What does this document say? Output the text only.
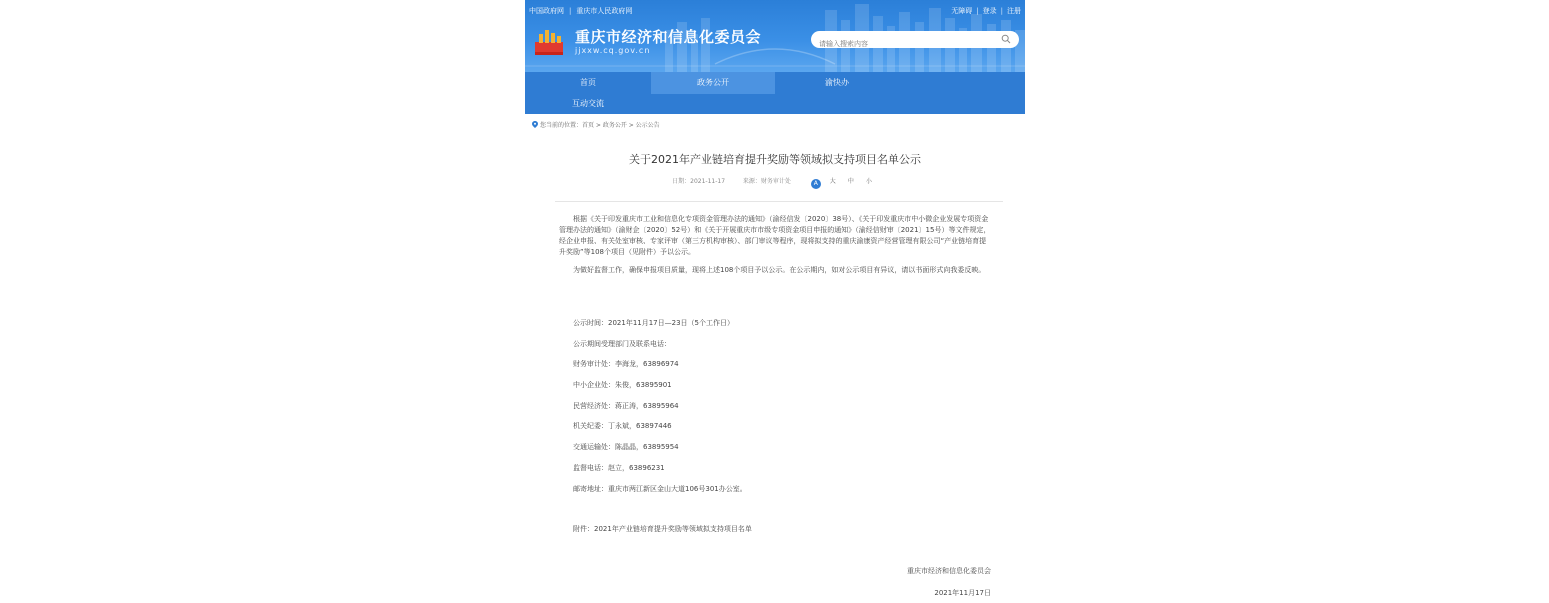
中国政府网 | 重庆市人民政府网	无障碍 | 登录 | 注册
重庆市经济和信息化委员会
jjxxw.cq.gov.cn
请输入搜索内容
首页	政务公开	渝快办
互动交流
您当前的位置：首页 > 政务公开 > 公示公告
关于2021年产业链培育提升奖励等领域拟支持项目名单公示
日期：2021-11-17	来源：财务审计处	A 大 中 小

根据《关于印发重庆市工业和信息化专项资金管理办法的通知》（渝经信发〔2020〕38号）、《关于印发重庆市中小微企业发展专项资金管理办法的通知》（渝财企〔2020〕52号）和《关于开展重庆市市级专项资金项目申报的通知》（渝经信财审〔2021〕15号）等文件规定，经企业申报、有关处室审核、专家评审（第三方机构审核）、部门审议等程序，现将拟支持的重庆渝康资产经营管理有限公司“产业链培育提升奖励”等108个项目（见附件）予以公示。

为做好监督工作，确保申报项目质量，现将上述108个项目予以公示。在公示期内，如对公示项目有异议，请以书面形式向我委反映。

公示时间：2021年11月17日—23日（5个工作日）
公示期间受理部门及联系电话：
财务审计处：李海龙，63896974
中小企业处：朱俊，63895901
民营经济处：蒋正涛，63895964
机关纪委：丁永斌，63897446
交通运输处：陈晶晶，63895954
监督电话：赵立，63896231
邮寄地址：重庆市两江新区金山大道106号301办公室。
附件：2021年产业链培育提升奖励等领域拟支持项目名单
重庆市经济和信息化委员会
2021年11月17日
